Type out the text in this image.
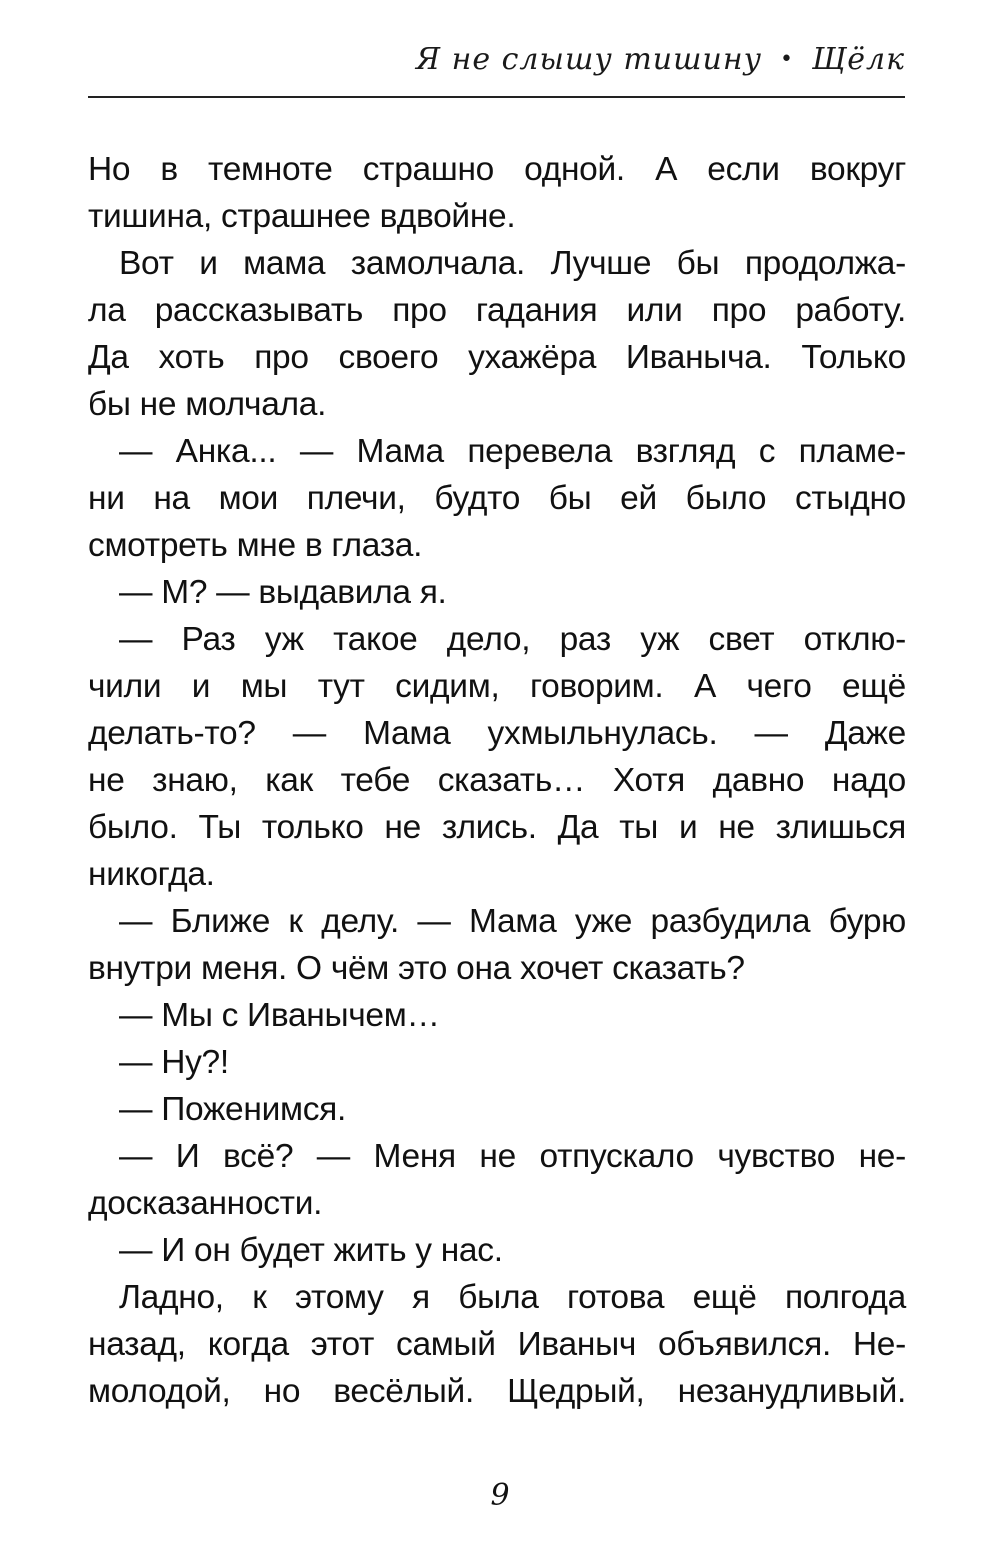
Я не слышу тишину • Щёлк
Но в темноте страшно одной. А если вокруг
тишина, страшнее вдвойне.
Вот и мама замолчала. Лучше бы продолжа-
ла рассказывать про гадания или про работу.
Да хоть про своего ухажёра Иваныча. Только
бы не молчала.
— Анка... — Мама перевела взгляд с пламе-
ни на мои плечи, будто бы ей было стыдно
смотреть мне в глаза.
— М? — выдавила я.
— Раз уж такое дело, раз уж свет отклю-
чили и мы тут сидим, говорим. А чего ещё
делать-то? — Мама ухмыльнулась. — Даже
не знаю, как тебе сказать… Хотя давно надо
было. Ты только не злись. Да ты и не злишься
никогда.
— Ближе к делу. — Мама уже разбудила бурю
внутри меня. О чём это она хочет сказать?
— Мы с Иванычем…
— Ну?!
— Поженимся.
— И всё? — Меня не отпускало чувство не-
досказанности.
— И он будет жить у нас.
Ладно, к этому я была готова ещё полгода
назад, когда этот самый Иваныч объявился. Не-
молодой, но весёлый. Щедрый, незанудливый.
9
